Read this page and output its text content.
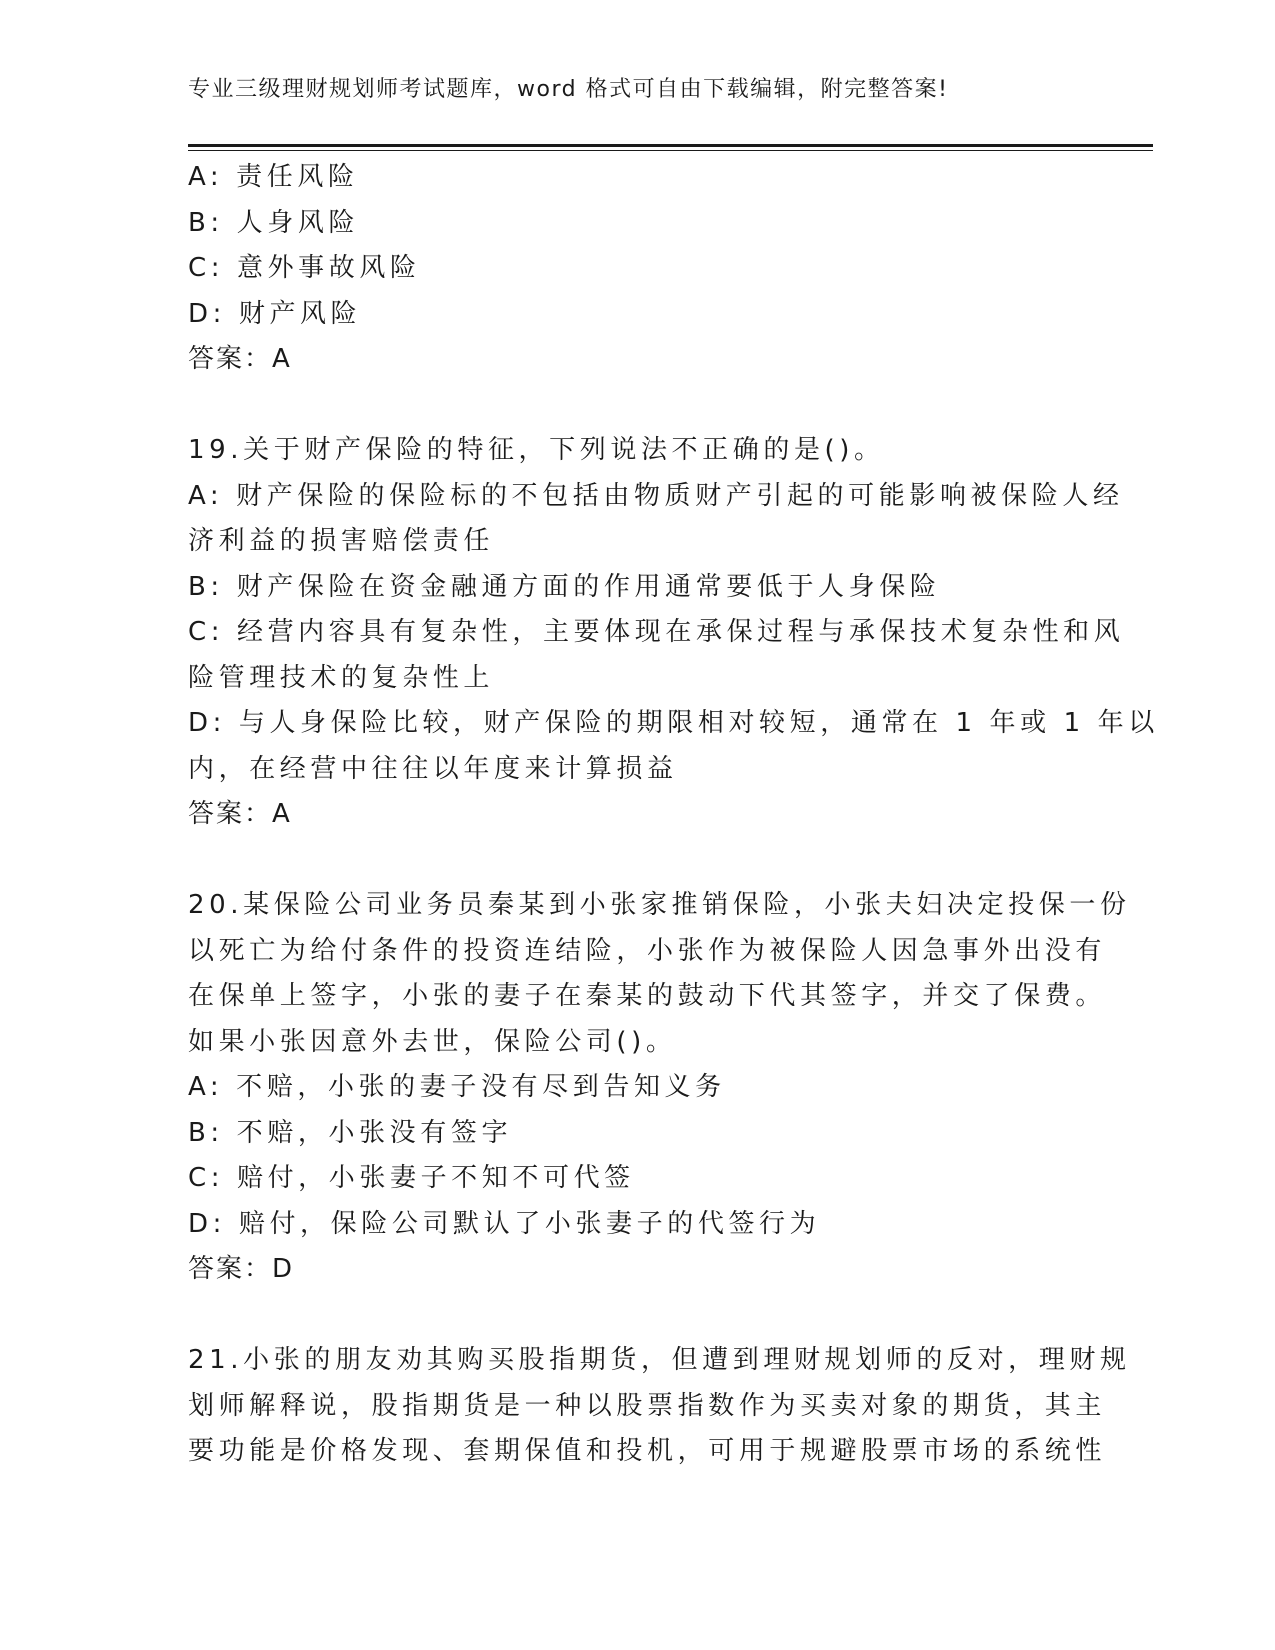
专业三级理财规划师考试题库，word 格式可自由下载编辑，附完整答案!
A: 责任风险
B: 人身风险
C: 意外事故风险
D: 财产风险
答案：A
19.关于财产保险的特征，下列说法不正确的是()。
A: 财产保险的保险标的不包括由物质财产引起的可能影响被保险人经
济利益的损害赔偿责任
B: 财产保险在资金融通方面的作用通常要低于人身保险
C: 经营内容具有复杂性，主要体现在承保过程与承保技术复杂性和风
险管理技术的复杂性上
D: 与人身保险比较，财产保险的期限相对较短，通常在 1 年或 1 年以
内，在经营中往往以年度来计算损益
答案：A
20.某保险公司业务员秦某到小张家推销保险，小张夫妇决定投保一份
以死亡为给付条件的投资连结险，小张作为被保险人因急事外出没有
在保单上签字，小张的妻子在秦某的鼓动下代其签字，并交了保费。
如果小张因意外去世，保险公司()。
A: 不赔，小张的妻子没有尽到告知义务
B: 不赔，小张没有签字
C: 赔付，小张妻子不知不可代签
D: 赔付，保险公司默认了小张妻子的代签行为
答案：D
21.小张的朋友劝其购买股指期货，但遭到理财规划师的反对，理财规
划师解释说，股指期货是一种以股票指数作为买卖对象的期货，其主
要功能是价格发现、套期保值和投机，可用于规避股票市场的系统性
